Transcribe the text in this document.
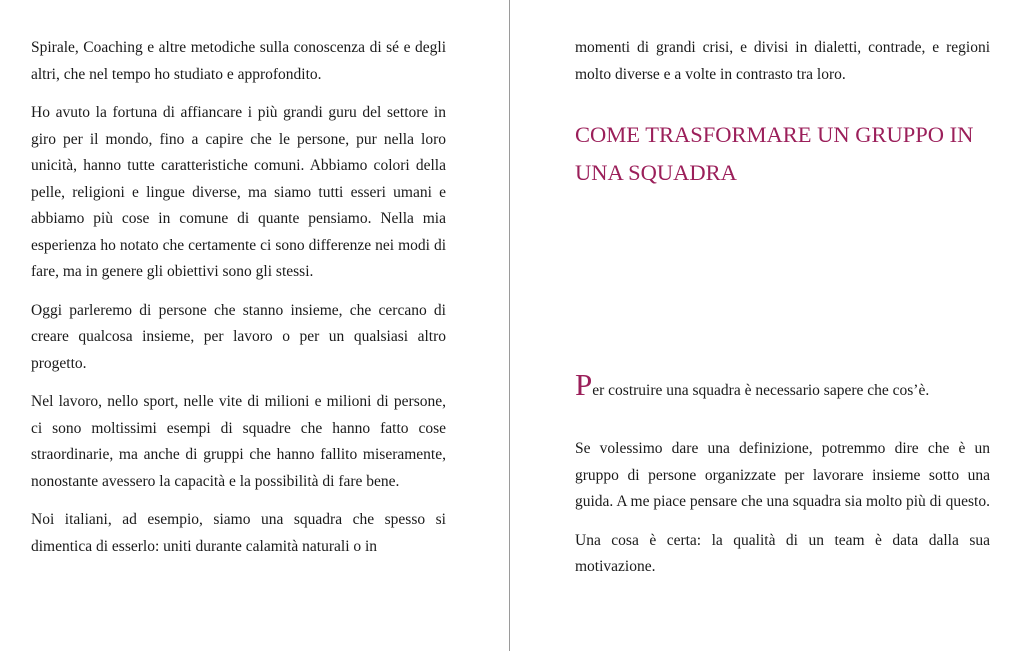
Spirale, Coaching e altre metodiche sulla conoscenza di sé e degli altri, che nel tempo ho studiato e approfondito.

Ho avuto la fortuna di affiancare i più grandi guru del settore in giro per il mondo, fino a capire che le persone, pur nella loro unicità, hanno tutte caratteristiche comuni. Abbiamo colori della pelle, religioni e lingue diverse, ma siamo tutti esseri umani e abbiamo più cose in comune di quante pensiamo. Nella mia esperienza ho notato che certamente ci sono differenze nei modi di fare, ma in genere gli obiettivi sono gli stessi.

Oggi parleremo di persone che stanno insieme, che cercano di creare qualcosa insieme, per lavoro o per un qualsiasi altro progetto.

Nel lavoro, nello sport, nelle vite di milioni e milioni di persone, ci sono moltissimi esempi di squadre che hanno fatto cose straordinarie, ma anche di gruppi che hanno fallito miseramente, nonostante avessero la capacità e la possibilità di fare bene.

Noi italiani, ad esempio, siamo una squadra che spesso si dimentica di esserlo: uniti durante calamità naturali o in

momenti di grandi crisi, e divisi in dialetti, contrade, e regioni molto diverse e a volte in contrasto tra loro.

COME TRASFORMARE UN GRUPPO IN UNA SQUADRA
Per costruire una squadra è necessario sapere che cos’è.

Se volessimo dare una definizione, potremmo dire che è un gruppo di persone organizzate per lavorare insieme sotto una guida. A me piace pensare che una squadra sia molto più di questo.

Una cosa è certa: la qualità di un team è data dalla sua motivazione.
